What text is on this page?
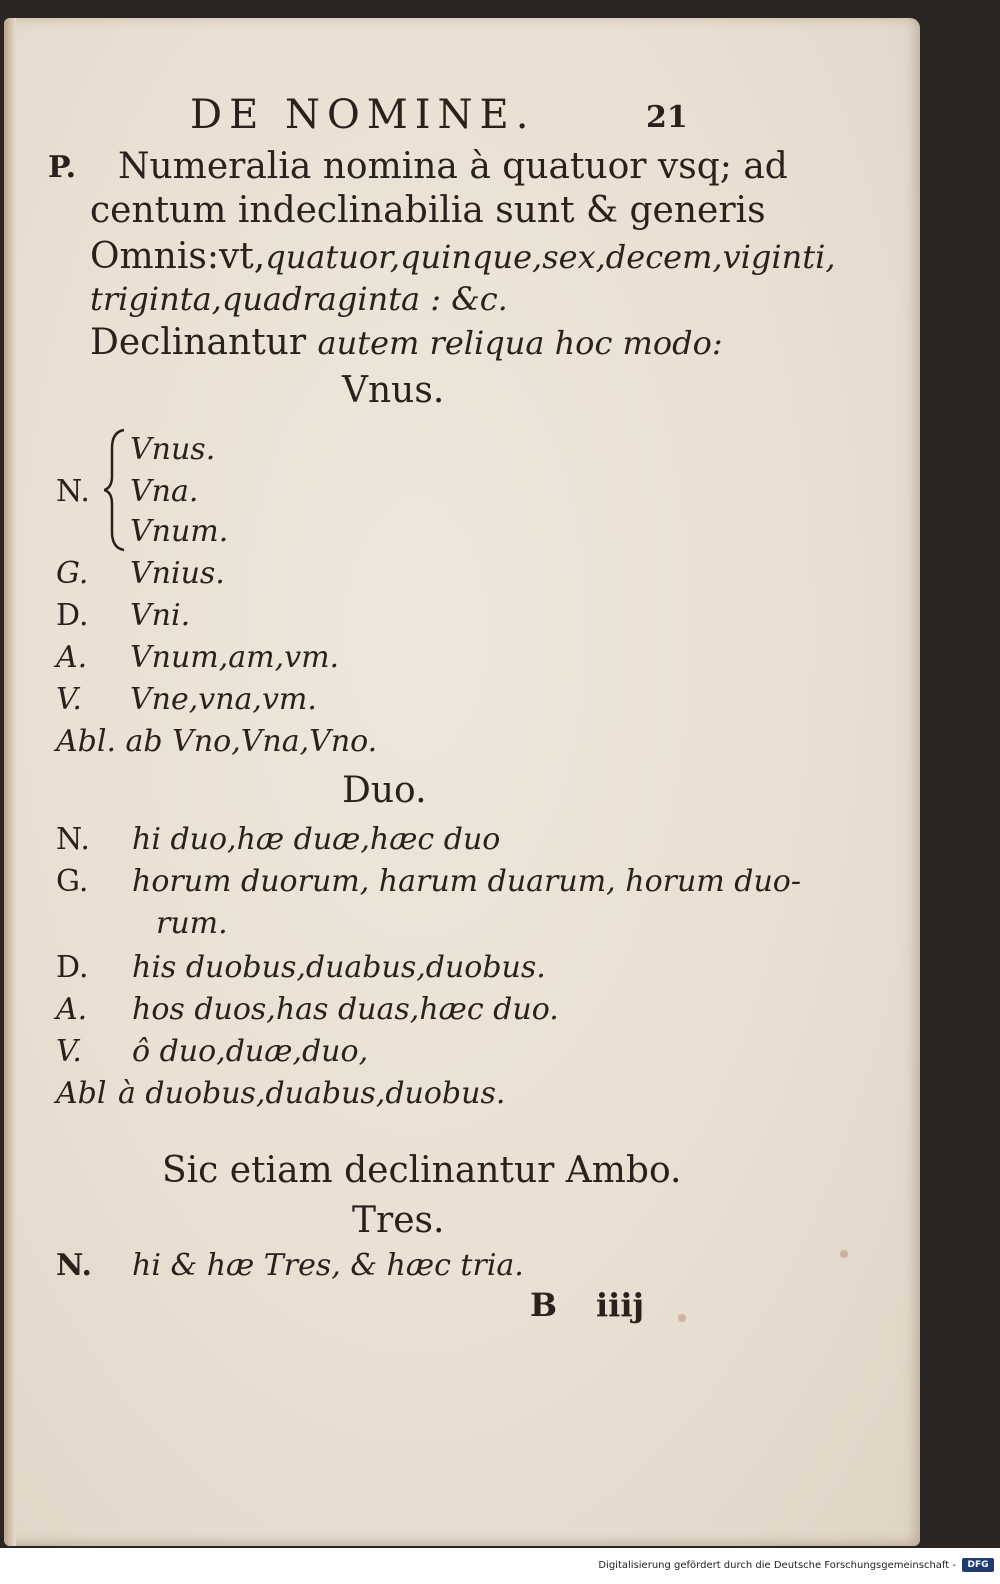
DE NOMINE.	21
P. Numeralia nomina à quatuor vsq; ad
centum indeclinabilia sunt & generis
Omnis:vt,quatuor,quinque,sex,decem,viginti,
triginta,quadraginta : &c.
Declinantur autem reliqua hoc modo:
Vnus.
N.
Vnus.
Vna.
Vnum.
G. Vnius.
D. Vni.
A. Vnum,am,vm.
V. Vne,vna,vm.
Abl. ab Vno,Vna,Vno.
Duo.
N. hi duo,hæ duæ,hæc duo
G. horum duorum, harum duarum, horum duo-
rum.
D. his duobus,duabus,duobus.
A. hos duos,has duas,hæc duo.
V. ô duo,duæ,duo,
Abl à duobus,duabus,duobus.
Sic etiam declinantur Ambo.
Tres.
N. hi & hæ Tres, & hæc tria.
B iiij
Digitalisierung gefördert durch die Deutsche Forschungsgemeinschaft -	DFG
